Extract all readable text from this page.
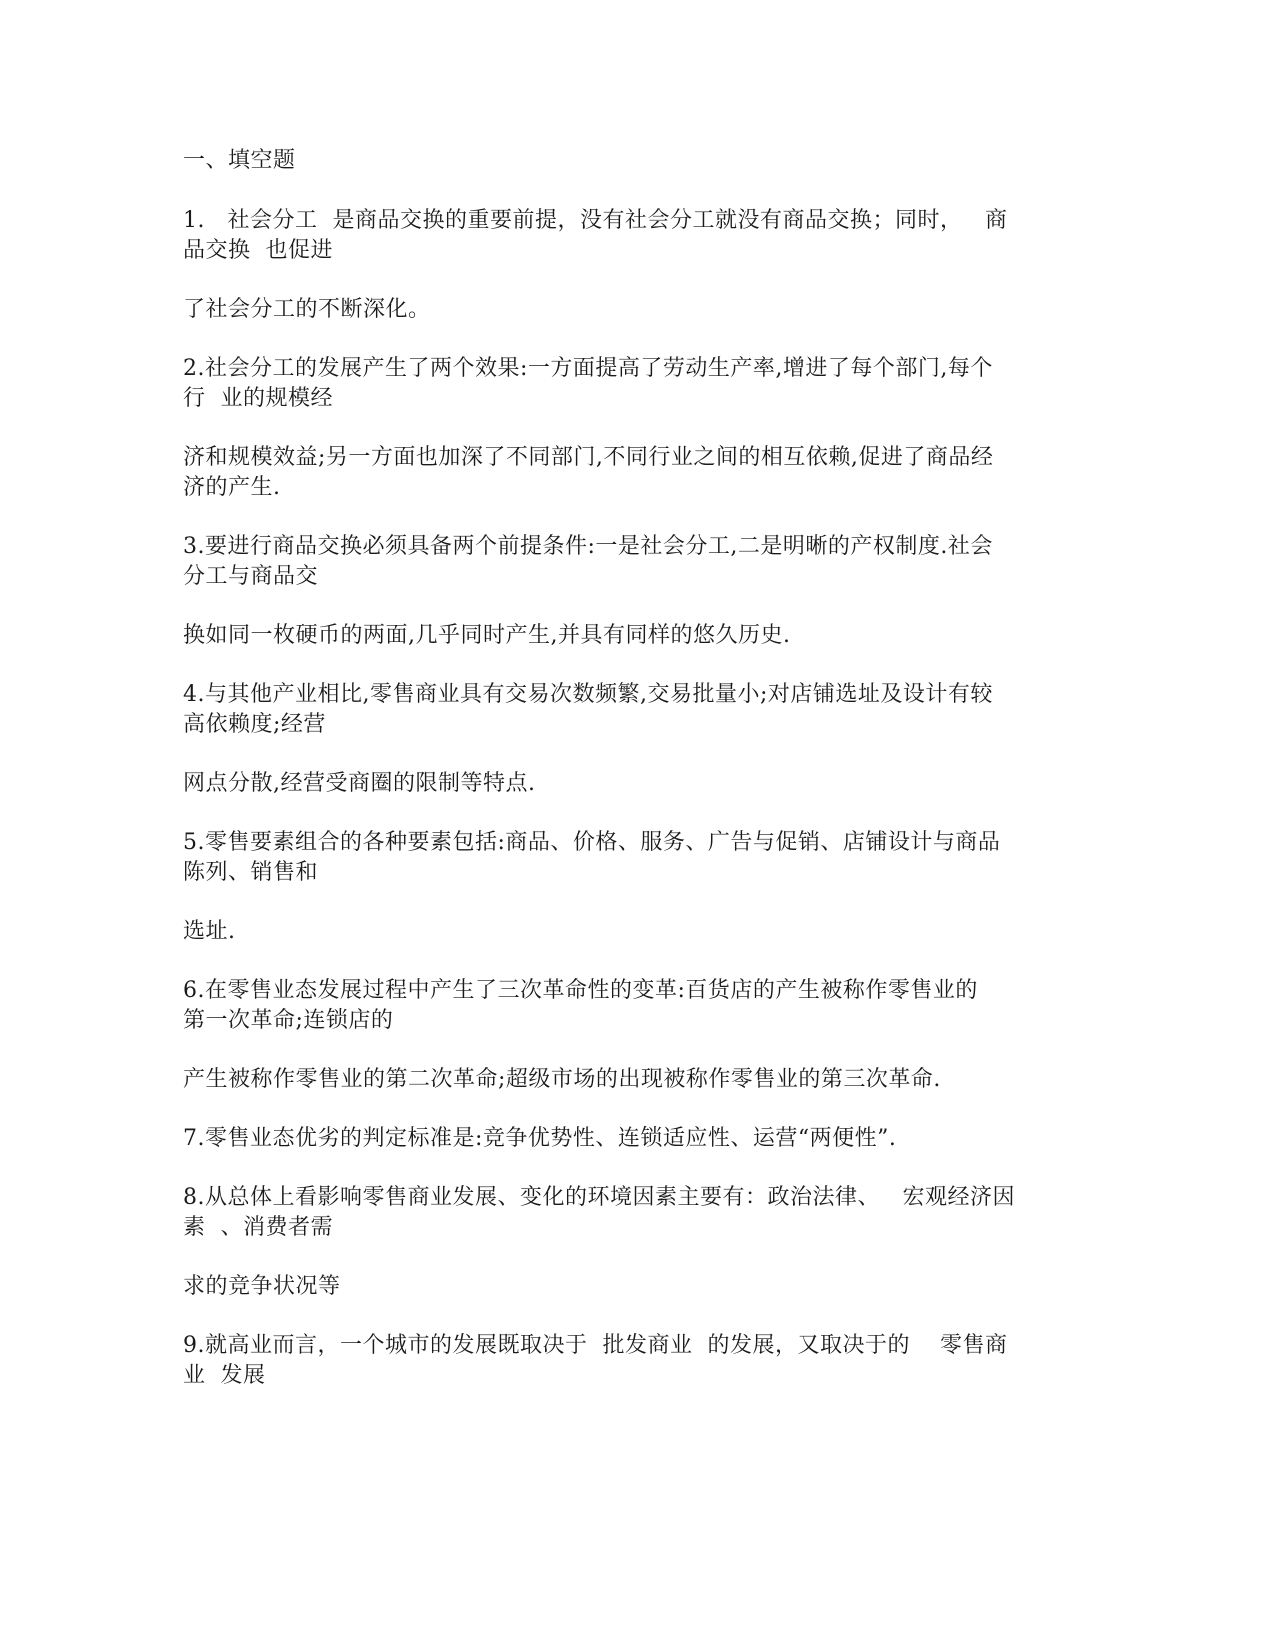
一、填空题

1.   社会分工  是商品交换的重要前提，没有社会分工就没有商品交换；同时，   商
品交换  也促进

了社会分工的不断深化。

2.社会分工的发展产生了两个效果:一方面提高了劳动生产率,增进了每个部门,每个
行  业的规模经

济和规模效益;另一方面也加深了不同部门,不同行业之间的相互依赖,促进了商品经
济的产生.

3.要进行商品交换必须具备两个前提条件:一是社会分工,二是明晰的产权制度.社会
分工与商品交

换如同一枚硬币的两面,几乎同时产生,并具有同样的悠久历史.

4.与其他产业相比,零售商业具有交易次数频繁,交易批量小;对店铺选址及设计有较
高依赖度;经营

网点分散,经营受商圈的限制等特点.

5.零售要素组合的各种要素包括:商品、价格、服务、广告与促销、店铺设计与商品
陈列、销售和

选址.

6.在零售业态发展过程中产生了三次革命性的变革:百货店的产生被称作零售业的
第一次革命;连锁店的

产生被称作零售业的第二次革命;超级市场的出现被称作零售业的第三次革命.

7.零售业态优劣的判定标准是:竞争优势性、连锁适应性、运营“两便性”.

8.从总体上看影响零售商业发展、变化的环境因素主要有：政治法律、   宏观经济因
素  、消费者需

求的竞争状况等

9.就高业而言，一个城市的发展既取决于  批发商业  的发展，又取决于的    零售商
业  发展
